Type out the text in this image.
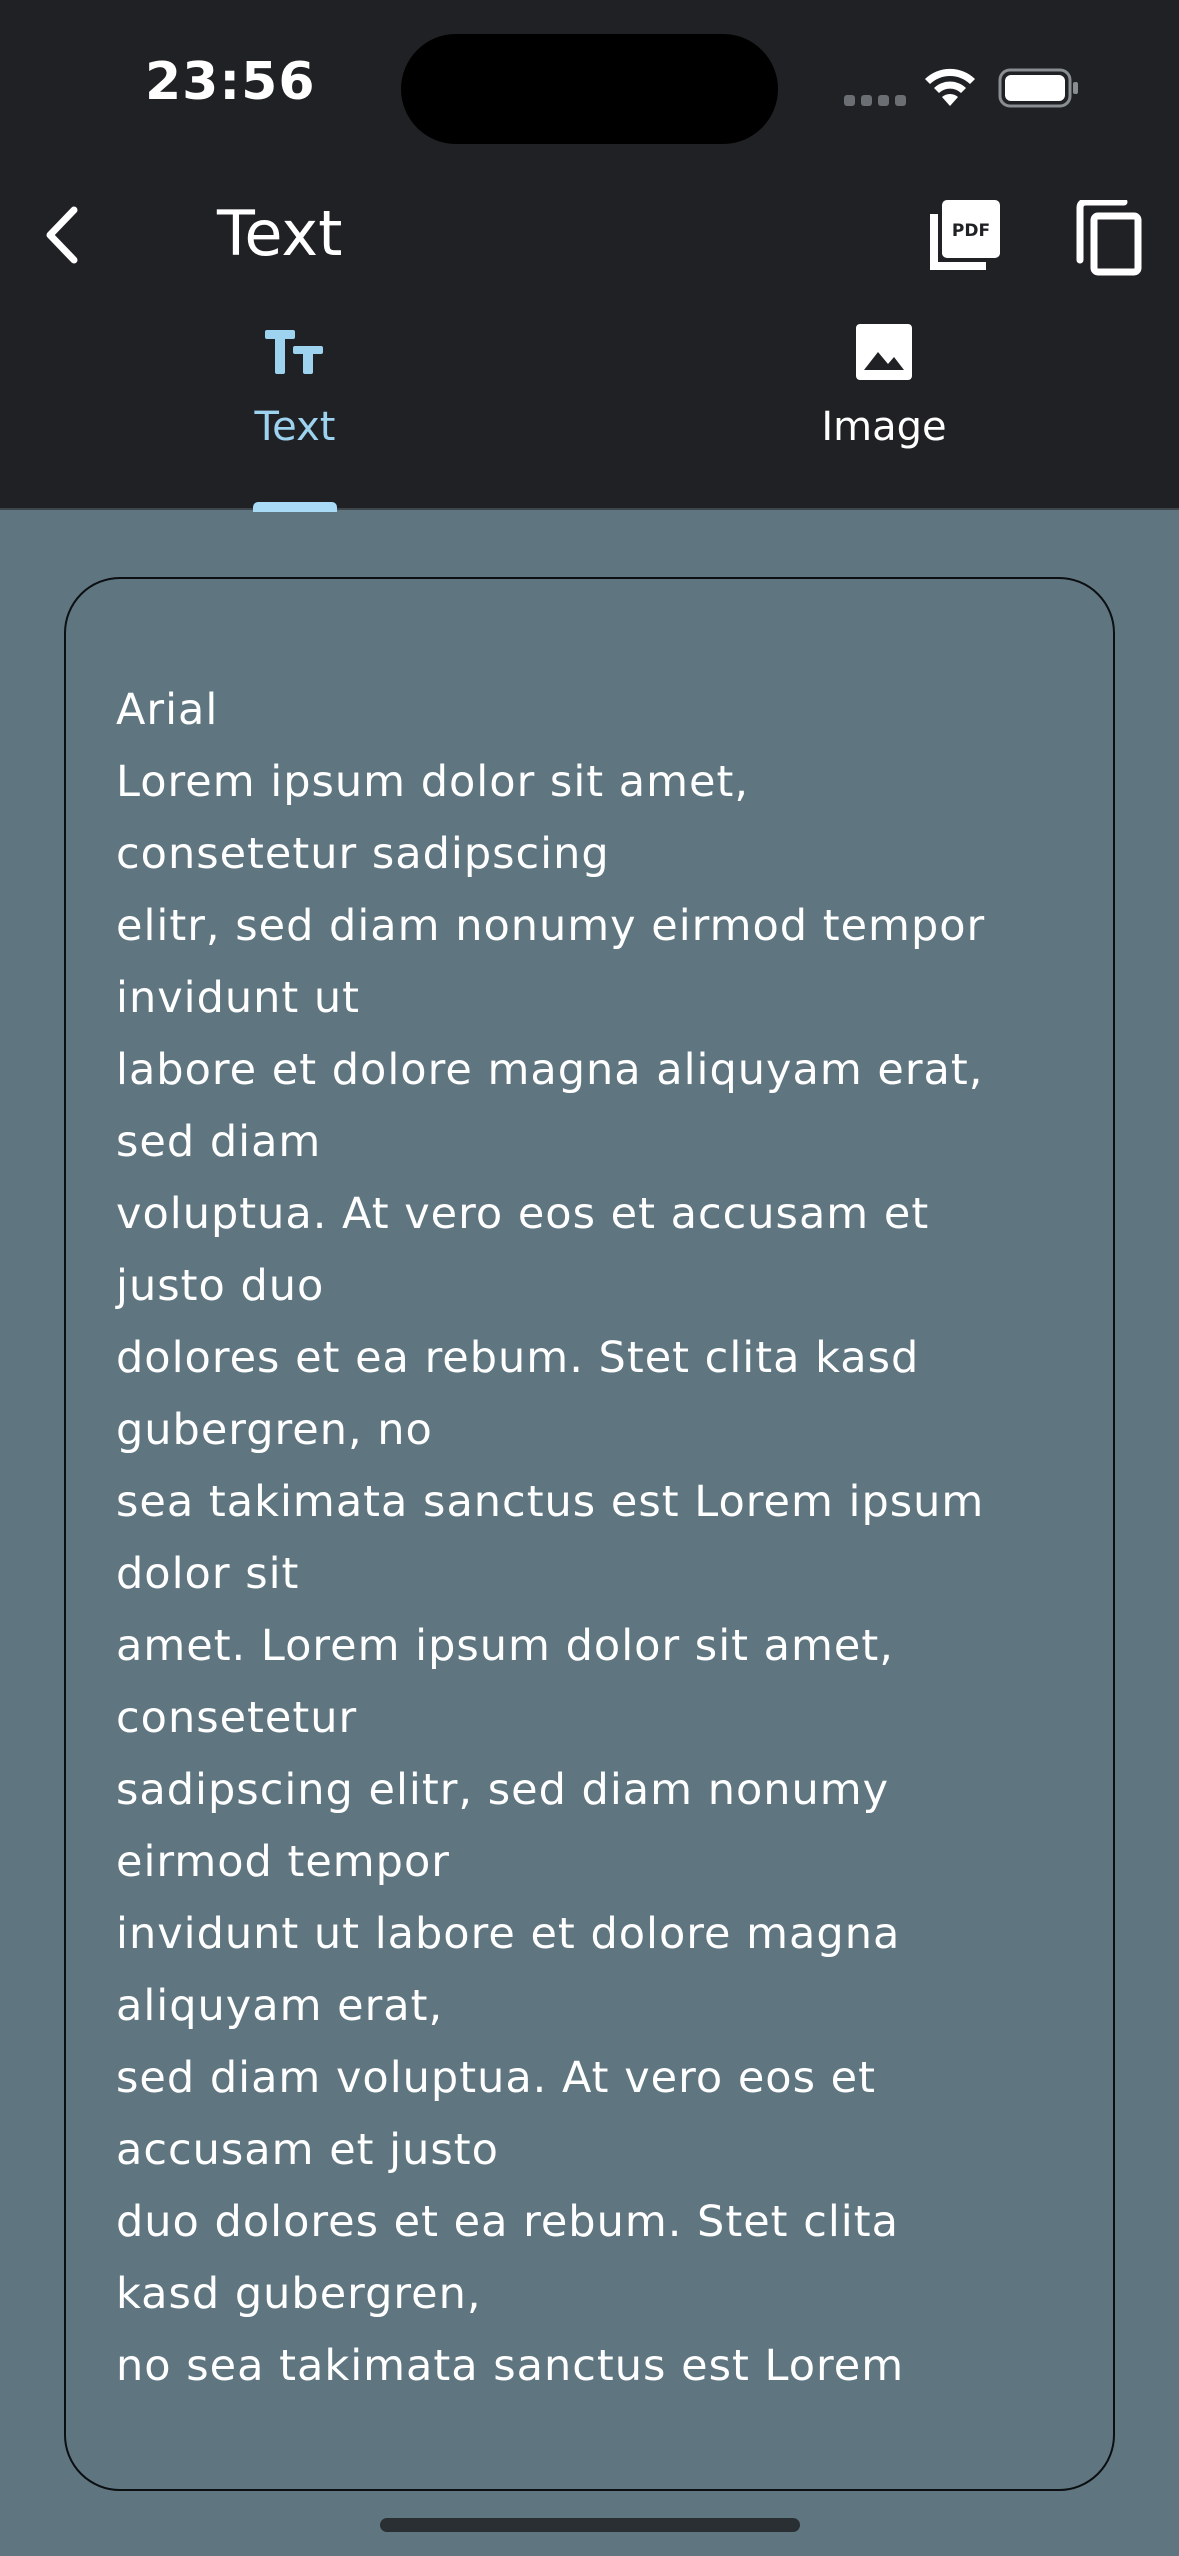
23:56
Text	PDF
Text	Image

Arial
Lorem ipsum dolor sit amet,
consetetur sadipscing
elitr, sed diam nonumy eirmod tempor
invidunt ut
labore et dolore magna aliquyam erat,
sed diam
voluptua. At vero eos et accusam et
justo duo
dolores et ea rebum. Stet clita kasd
gubergren, no
sea takimata sanctus est Lorem ipsum
dolor sit
amet. Lorem ipsum dolor sit amet,
consetetur
sadipscing elitr, sed diam nonumy
eirmod tempor
invidunt ut labore et dolore magna
aliquyam erat,
sed diam voluptua. At vero eos et
accusam et justo
duo dolores et ea rebum. Stet clita
kasd gubergren,
no sea takimata sanctus est Lorem
